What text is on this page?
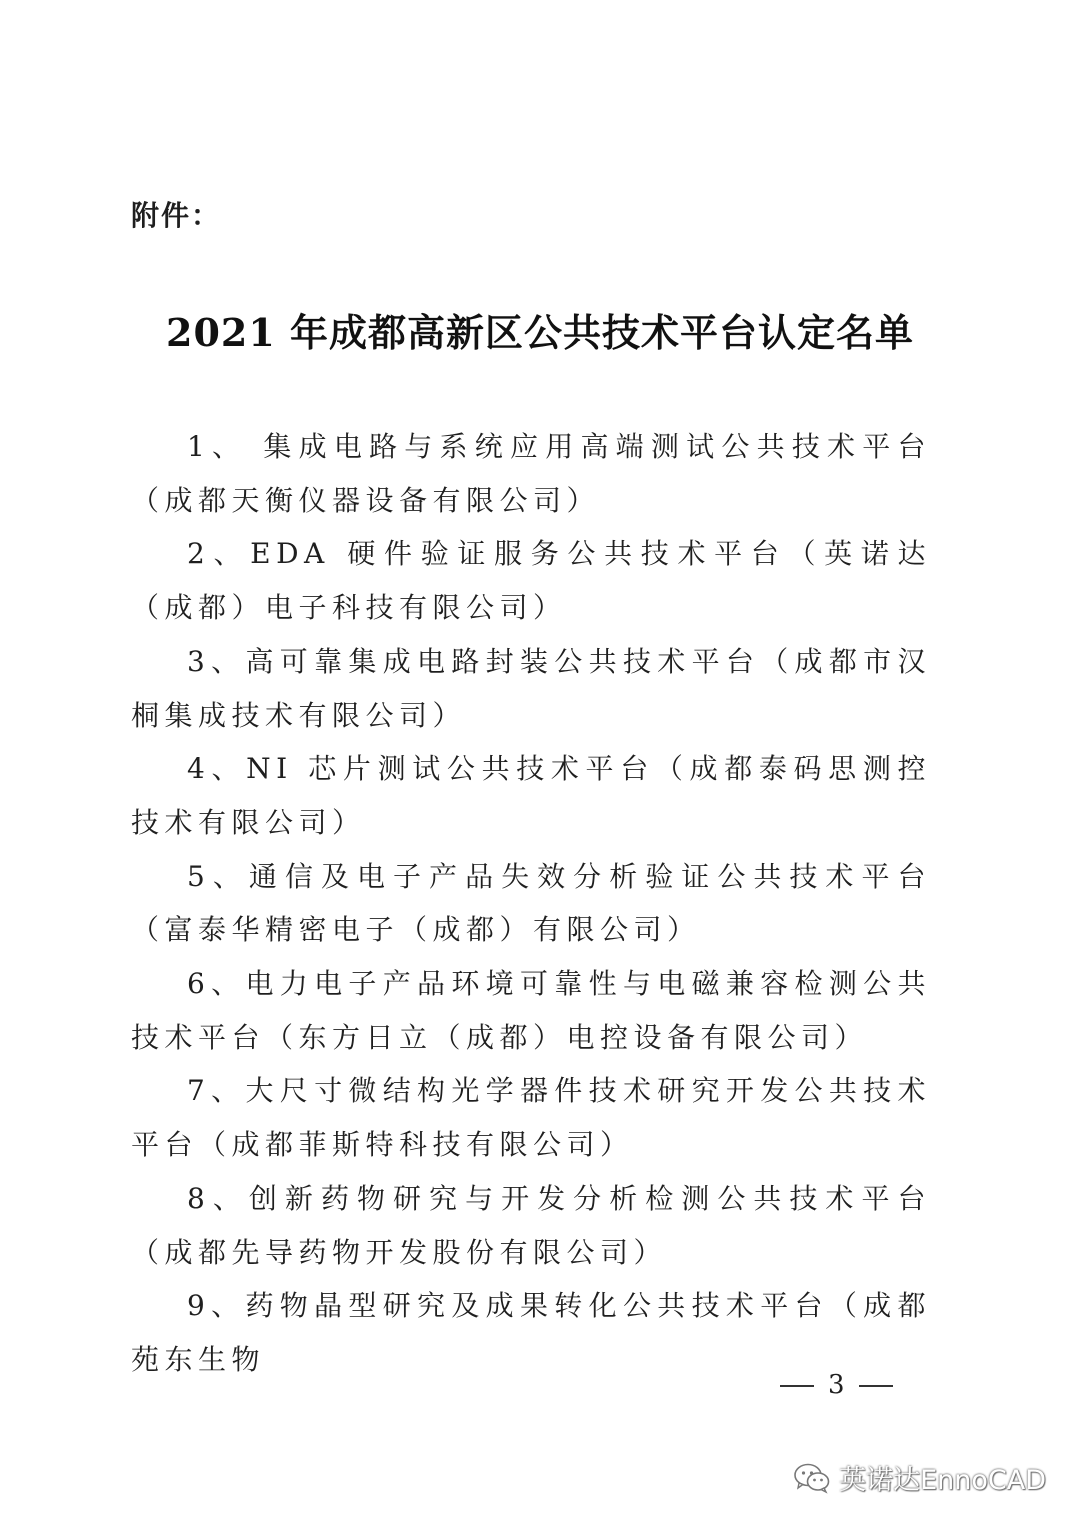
附件：
2021 年成都高新区公共技术平台认定名单

1、 集成电路与系统应用高端测试公共技术平台（成都天衡仪器设备有限公司）

2、EDA 硬件验证服务公共技术平台（英诺达（成都）电子科技有限公司）

3、高可靠集成电路封装公共技术平台（成都市汉桐集成技术有限公司）

4、NI 芯片测试公共技术平台（成都泰码思测控技术有限公司）

5、通信及电子产品失效分析验证公共技术平台（富泰华精密电子（成都）有限公司）

6、电力电子产品环境可靠性与电磁兼容检测公共技术平台（东方日立（成都）电控设备有限公司）

7、大尺寸微结构光学器件技术研究开发公共技术平台（成都菲斯特科技有限公司）

8、创新药物研究与开发分析检测公共技术平台（成都先导药物开发股份有限公司）

9、药物晶型研究及成果转化公共技术平台（成都苑东生物

3
英诺达EnnoCAD
